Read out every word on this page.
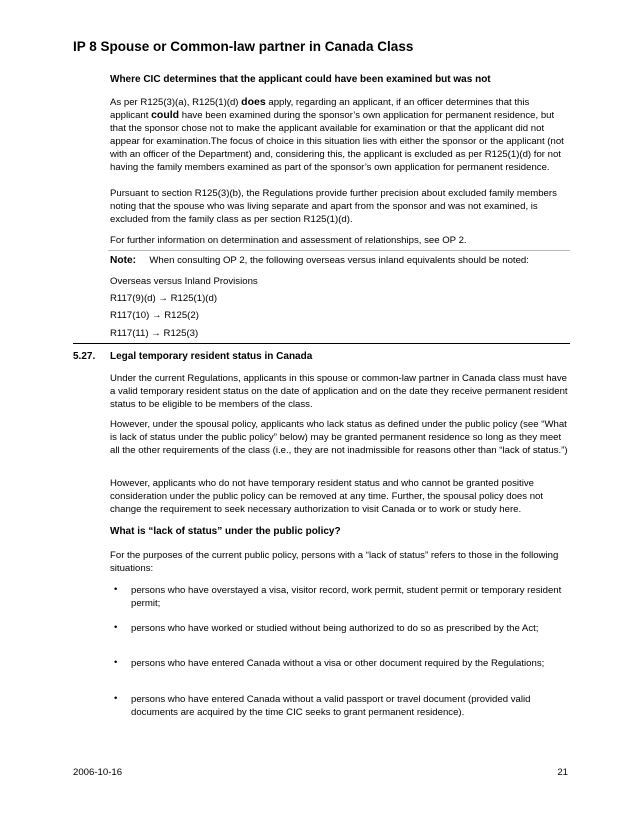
IP 8 Spouse or Common-law partner in Canada Class
Where CIC determines that the applicant could have been examined but was not
As per R125(3)(a), R125(1)(d) does apply, regarding an applicant, if an officer determines that this applicant could have been examined during the sponsor’s own application for permanent residence, but that the sponsor chose not to make the applicant available for examination or that the applicant did not appear for examination.The focus of choice in this situation lies with either the sponsor or the applicant (not with an officer of the Department) and, considering this, the applicant is excluded as per R125(1)(d) for not having the family members examined as part of the sponsor’s own application for permanent residence.
Pursuant to section R125(3)(b), the Regulations provide further precision about excluded family members noting that the spouse who was living separate and apart from the sponsor and was not examined, is excluded from the family class as per section R125(1)(d).
For further information on determination and assessment of relationships, see OP 2.
Note: When consulting OP 2, the following overseas versus inland equivalents should be noted:
Overseas versus Inland Provisions
R117(9)(d) → R125(1)(d)
R117(10) → R125(2)
R117(11) → R125(3)
5.27. Legal temporary resident status in Canada
Under the current Regulations, applicants in this spouse or common-law partner in Canada class must have a valid temporary resident status on the date of application and on the date they receive permanent resident status to be eligible to be members of the class.
However, under the spousal policy, applicants who lack status as defined under the public policy (see “What is lack of status under the public policy” below) may be granted permanent residence so long as they meet all the other requirements of the class (i.e., they are not inadmissible for reasons other than “lack of status.”)
However, applicants who do not have temporary resident status and who cannot be granted positive consideration under the public policy can be removed at any time. Further, the spousal policy does not change the requirement to seek necessary authorization to visit Canada or to work or study here.
What is “lack of status” under the public policy?
For the purposes of the current public policy, persons with a “lack of status” refers to those in the following situations:
• persons who have overstayed a visa, visitor record, work permit, student permit or temporary resident permit;
• persons who have worked or studied without being authorized to do so as prescribed by the Act;
• persons who have entered Canada without a visa or other document required by the Regulations;
• persons who have entered Canada without a valid passport or travel document (provided valid documents are acquired by the time CIC seeks to grant permanent residence).
2006-10-16	21
